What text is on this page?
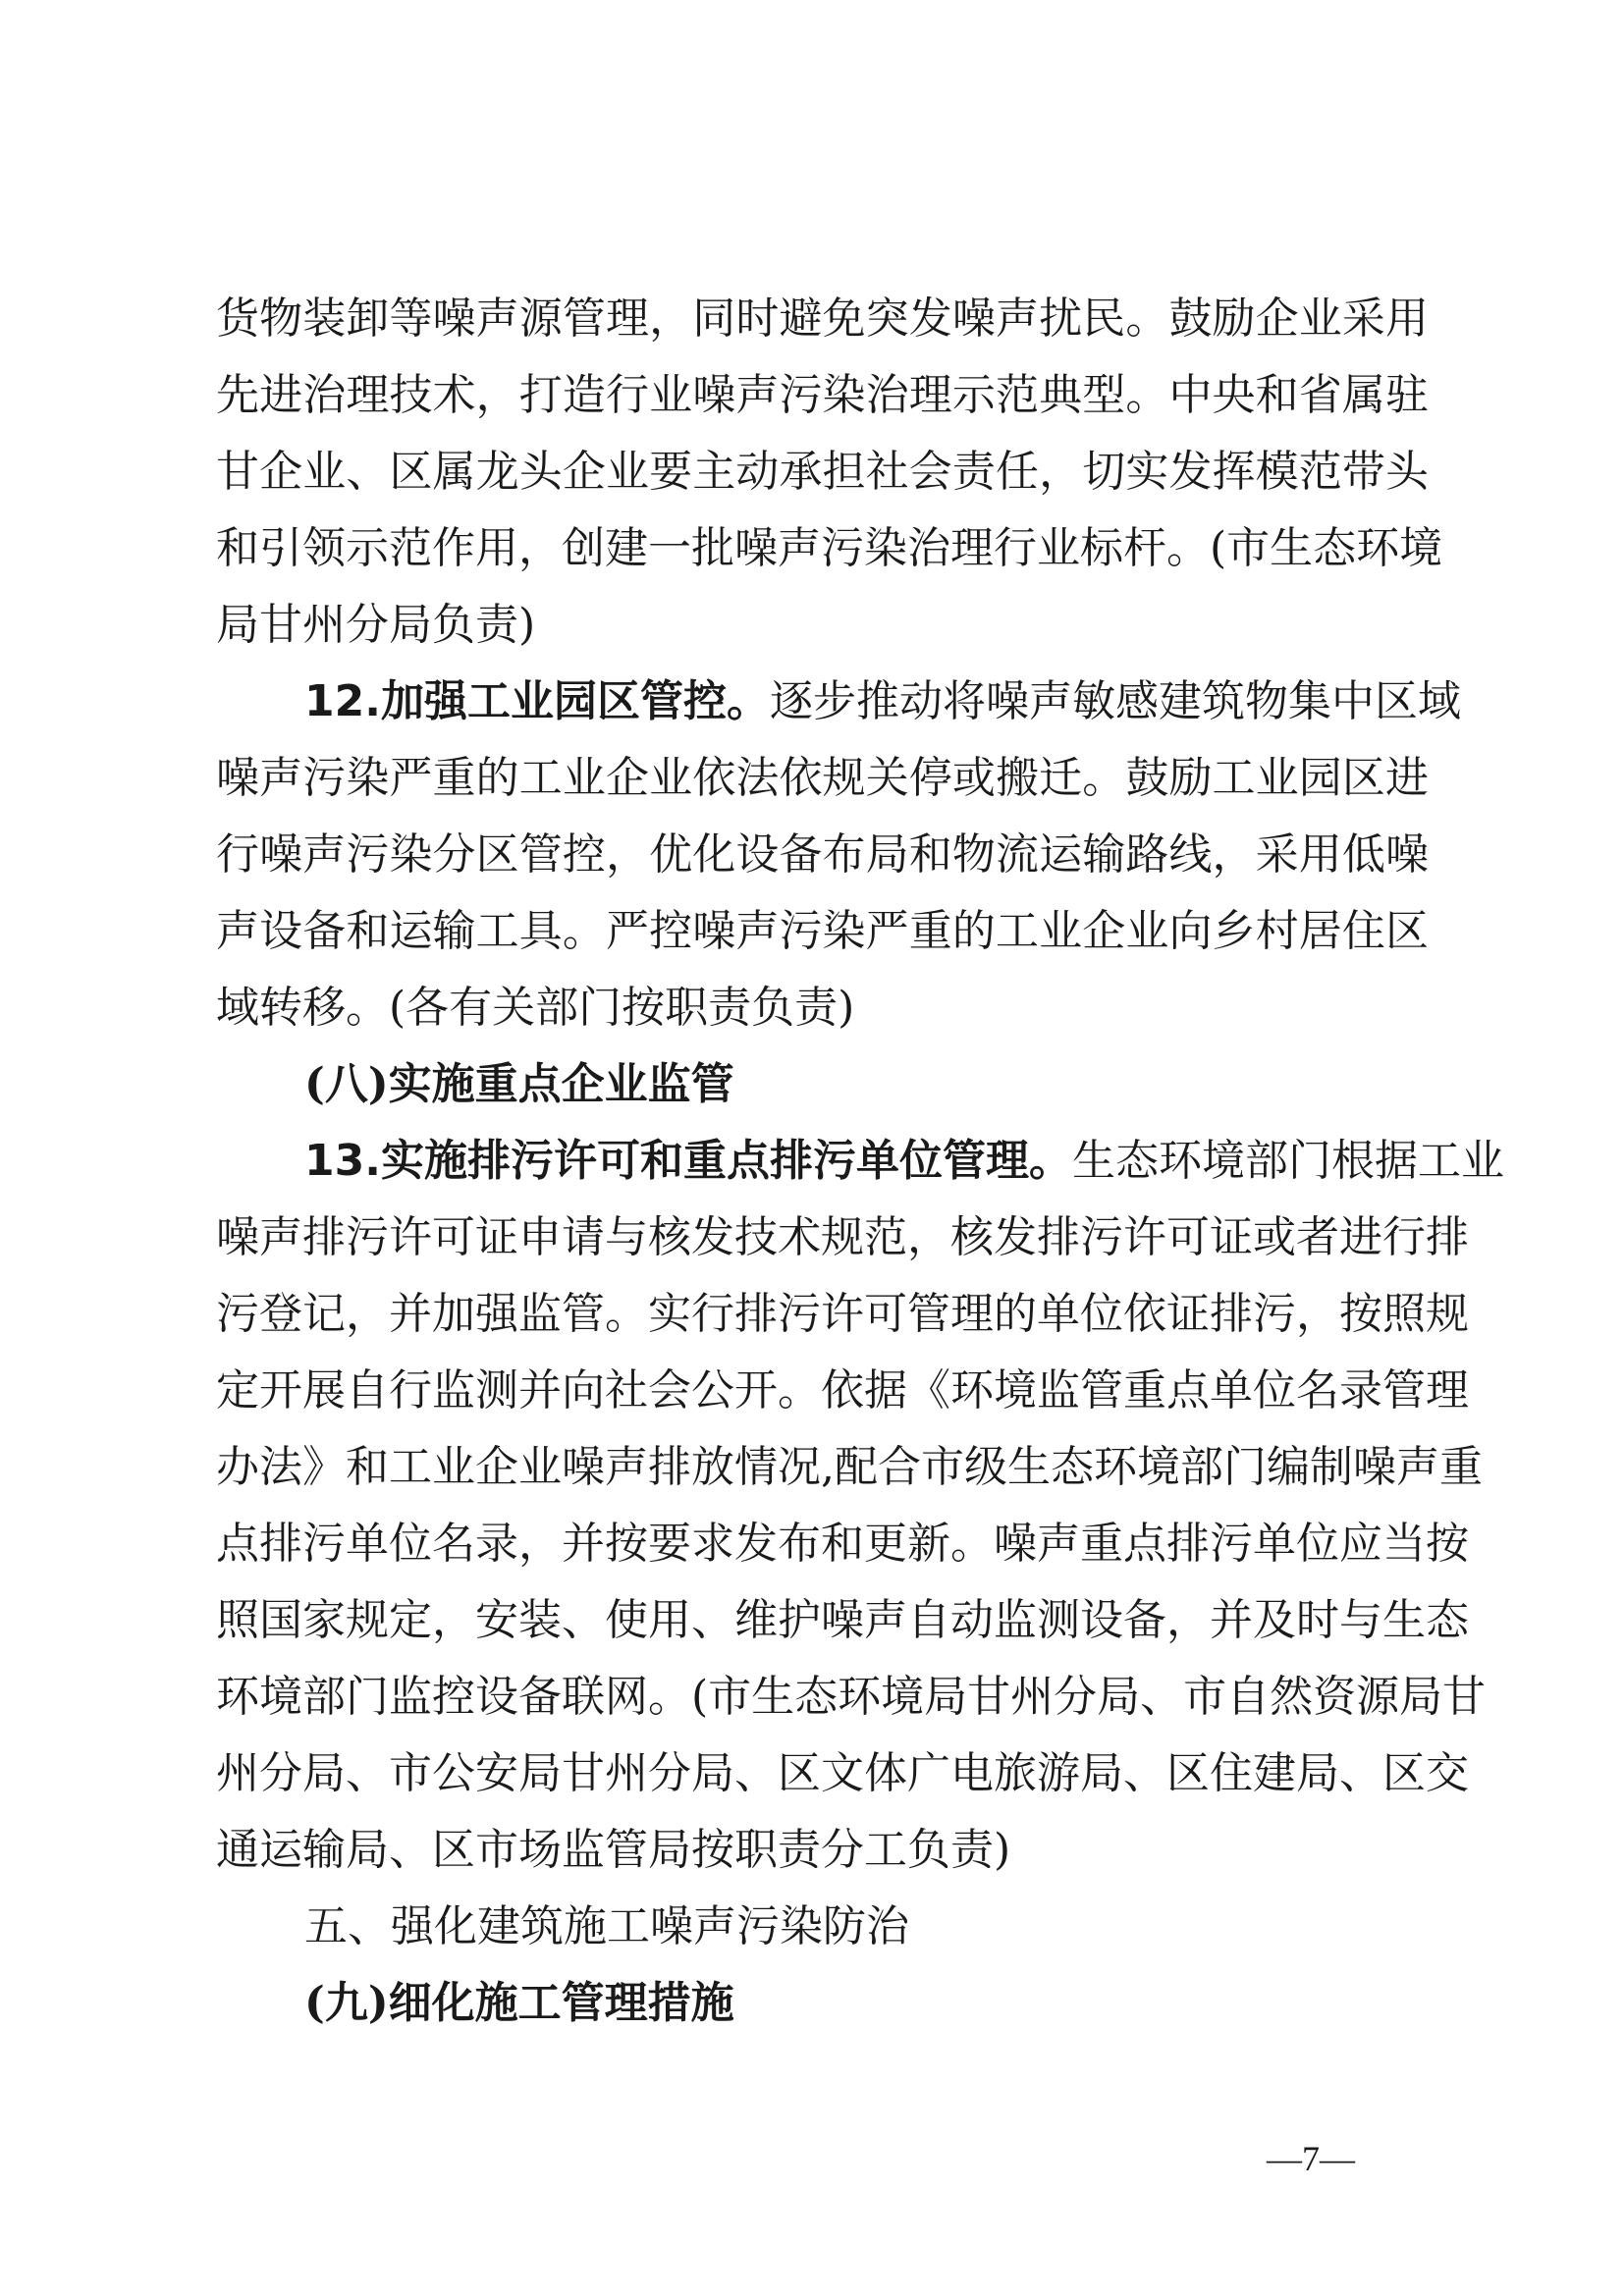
货物装卸等噪声源管理，同时避免突发噪声扰民。鼓励企业采用
先进治理技术，打造行业噪声污染治理示范典型。中央和省属驻
甘企业、区属龙头企业要主动承担社会责任，切实发挥模范带头
和引领示范作用，创建一批噪声污染治理行业标杆。(市生态环境
局甘州分局负责)
12.加强工业园区管控。逐步推动将噪声敏感建筑物集中区域
噪声污染严重的工业企业依法依规关停或搬迁。鼓励工业园区进
行噪声污染分区管控，优化设备布局和物流运输路线，采用低噪
声设备和运输工具。严控噪声污染严重的工业企业向乡村居住区
域转移。(各有关部门按职责负责)
(八)实施重点企业监管
13.实施排污许可和重点排污单位管理。生态环境部门根据工业
噪声排污许可证申请与核发技术规范，核发排污许可证或者进行排
污登记，并加强监管。实行排污许可管理的单位依证排污，按照规
定开展自行监测并向社会公开。依据《环境监管重点单位名录管理
办法》和工业企业噪声排放情况,配合市级生态环境部门编制噪声重
点排污单位名录，并按要求发布和更新。噪声重点排污单位应当按
照国家规定，安装、使用、维护噪声自动监测设备，并及时与生态
环境部门监控设备联网。(市生态环境局甘州分局、市自然资源局甘
州分局、市公安局甘州分局、区文体广电旅游局、区住建局、区交
通运输局、区市场监管局按职责分工负责)
五、强化建筑施工噪声污染防治
(九)细化施工管理措施
—7—
